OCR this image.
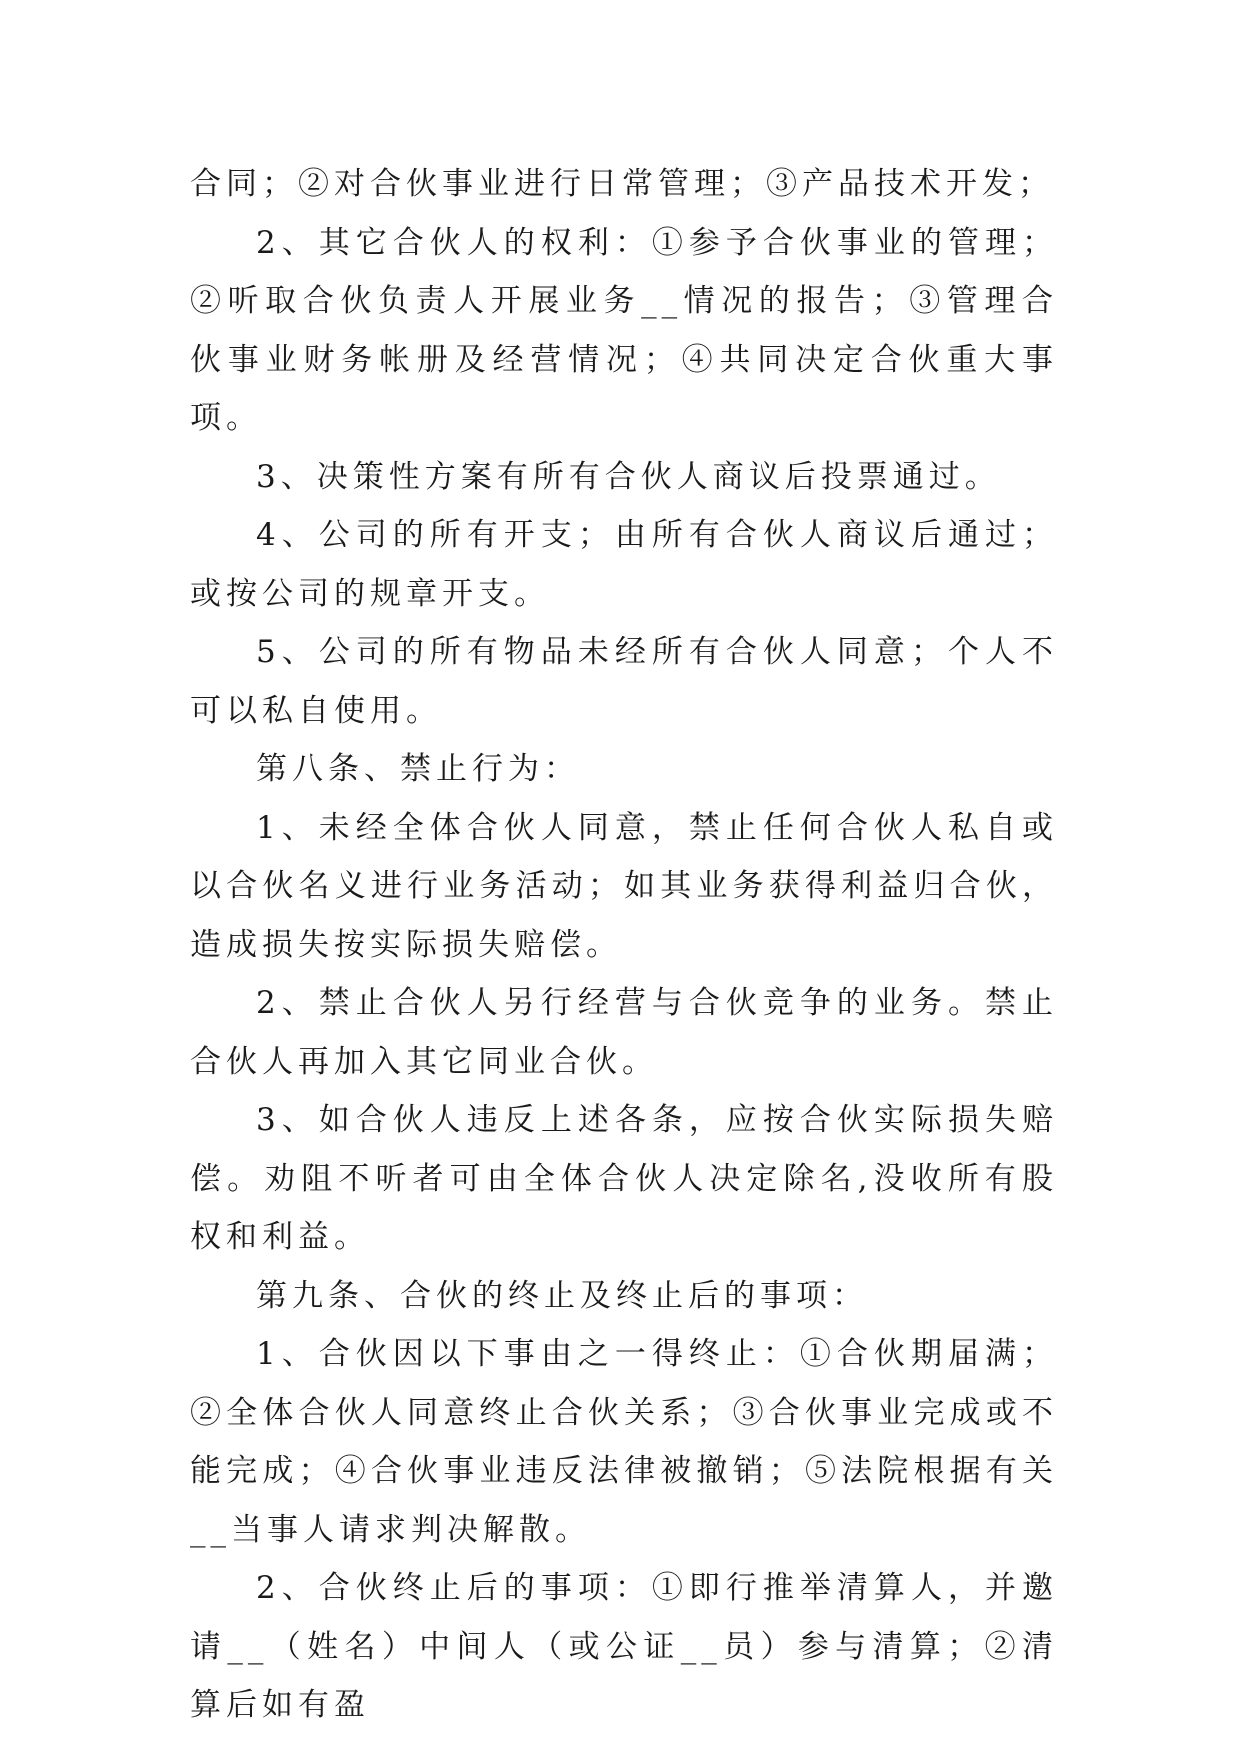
合同；②对合伙事业进行日常管理；③产品技术开发；

2、其它合伙人的权利：①参予合伙事业的管理；②听取合伙负责人开展业务__情况的报告；③管理合伙事业财务帐册及经营情况；④共同决定合伙重大事项。

3、决策性方案有所有合伙人商议后投票通过。

4、公司的所有开支；由所有合伙人商议后通过；或按公司的规章开支。

5、公司的所有物品未经所有合伙人同意；个人不可以私自使用。

第八条、禁止行为：

1、未经全体合伙人同意，禁止任何合伙人私自或以合伙名义进行业务活动；如其业务获得利益归合伙，造成损失按实际损失赔偿。

2、禁止合伙人另行经营与合伙竞争的业务。禁止合伙人再加入其它同业合伙。

3、如合伙人违反上述各条，应按合伙实际损失赔偿。劝阻不听者可由全体合伙人决定除名,没收所有股权和利益。

第九条、合伙的终止及终止后的事项：

1、合伙因以下事由之一得终止：①合伙期届满；②全体合伙人同意终止合伙关系；③合伙事业完成或不能完成；④合伙事业违反法律被撤销；⑤法院根据有关__当事人请求判决解散。

2、合伙终止后的事项：①即行推举清算人，并邀请__（姓名）中间人（或公证__员）参与清算；②清算后如有盈
